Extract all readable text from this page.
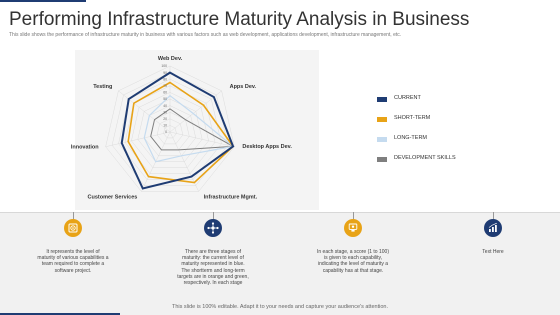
Performing Infrastructure Maturity Analysis in Business
This slide shows the performance of infrastructure maturity in business with various factors such as web development, applications development, infrastructure management, etc.
0
10
20
30
40
50
60
70
80
90
100
Web Dev.
Apps Dev.
Desktop Apps Dev.
Infrastructure Mgmt.
Customer Services
Innovation
Testing
CURRENT
SHORT-TERM
LONG-TERM
DEVELOPMENT SKILLS
It represents the level of maturity of various capabilities a team required to complete a software project.
There are three stages of maturity: the current level of maturity represented in blue. The shortterm and long-term targets are in orange and green, respectively. In each stage
In each stage, a score (1 to 100) is given to each capability, indicating the level of maturity a capability has at that stage.
Text Here
This slide is 100% editable. Adapt it to your needs and capture your audience's attention.
